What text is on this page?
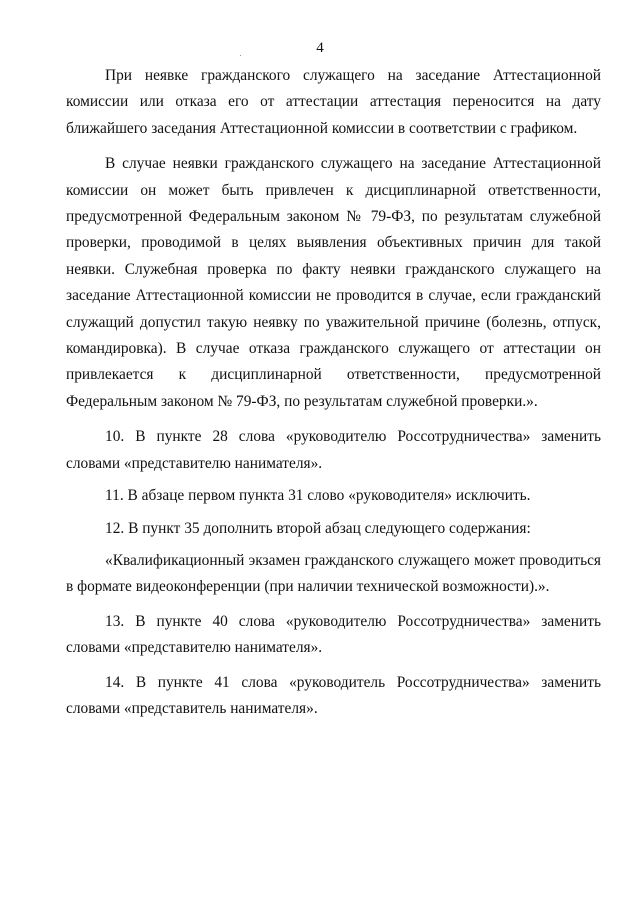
4

При неявке гражданского служащего на заседание Аттестационной комиссии или отказа его от аттестации аттестация переносится на дату ближайшего заседания Аттестационной комиссии в соответствии с графиком.

В случае неявки гражданского служащего на заседание Аттестационной комиссии он может быть привлечен к дисциплинарной ответственности, предусмотренной Федеральным законом № 79-ФЗ, по результатам служебной проверки, проводимой в целях выявления объективных причин для такой неявки. Служебная проверка по факту неявки гражданского служащего на заседание Аттестационной комиссии не проводится в случае, если гражданский служащий допустил такую неявку по уважительной причине (болезнь, отпуск, командировка). В случае отказа гражданского служащего от аттестации он привлекается к дисциплинарной ответственности, предусмотренной Федеральным законом № 79-ФЗ, по результатам служебной проверки.».

10. В пункте 28 слова «руководителю Россотрудничества» заменить словами «представителю нанимателя».

11. В абзаце первом пункта 31 слово «руководителя» исключить.

12. В пункт 35 дополнить второй абзац следующего содержания:

«Квалификационный экзамен гражданского служащего может проводиться в формате видеоконференции (при наличии технической возможности).».

13. В пункте 40 слова «руководителю Россотрудничества» заменить словами «представителю нанимателя».

14. В пункте 41 слова «руководитель Россотрудничества» заменить словами «представитель нанимателя».
